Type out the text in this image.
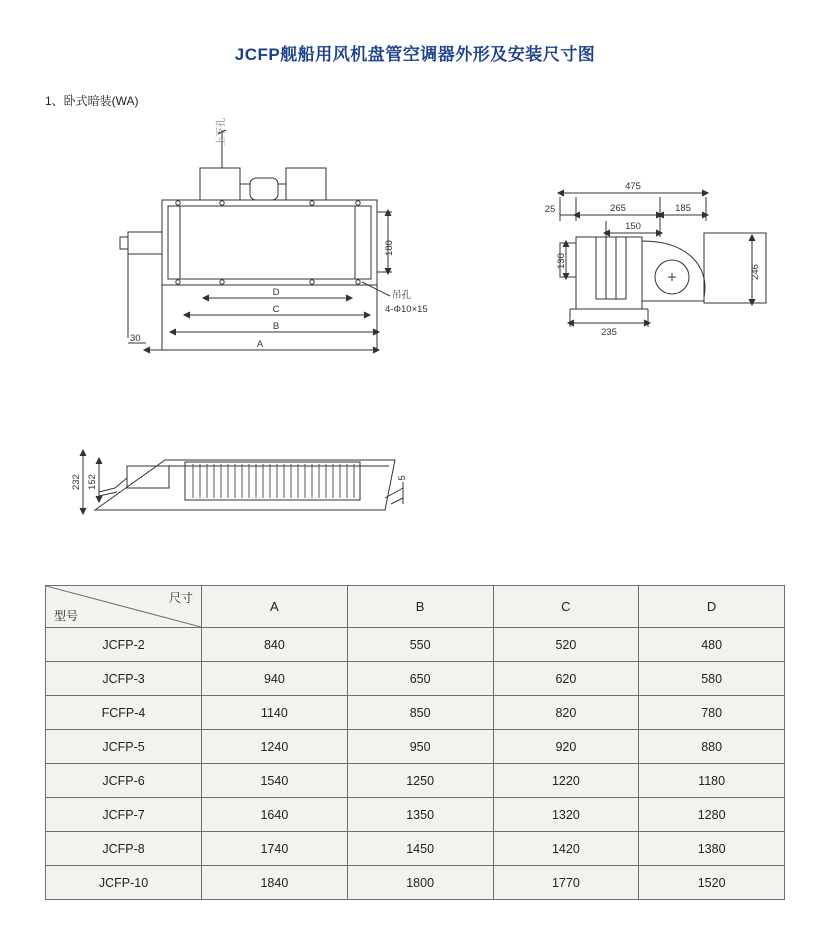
JCFP舰船用风机盘管空调器外形及安装尺寸图
1、卧式暗装(WA)
180
D
C
B
A
30
吊孔
4-Φ10×15
上下孔
475
25	265	185
150
130
246
235
232 152	5
尺寸
型号	A	B	C	D
JCFP-2	840	550	520	480
JCFP-3	940	650	620	580
FCFP-4	1140	850	820	780
JCFP-5	1240	950	920	880
JCFP-6	1540	1250	1220	1180
JCFP-7	1640	1350	1320	1280
JCFP-8	1740	1450	1420	1380
JCFP-10	1840	1800	1770	1520
